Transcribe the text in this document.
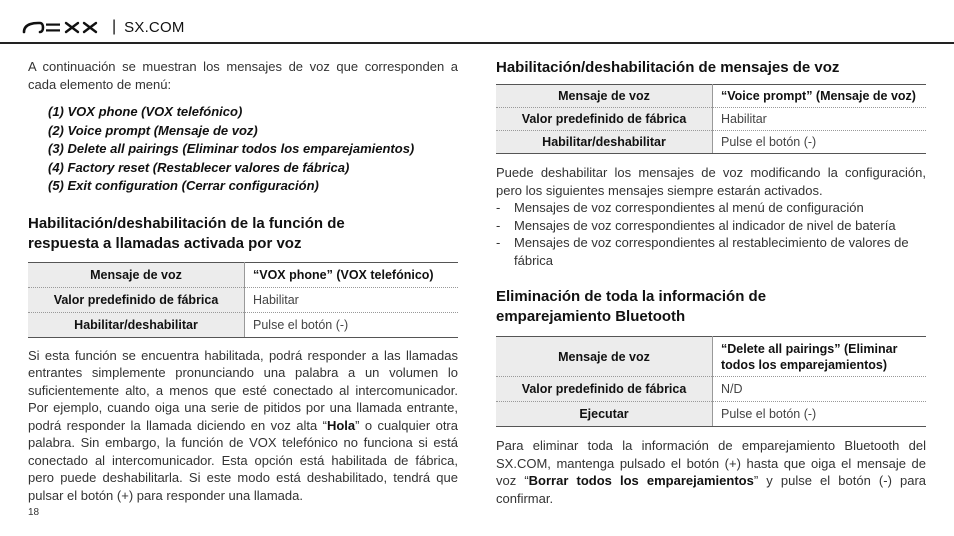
| SX.COM

A continuación se muestran los mensajes de voz que corresponden a cada elemento de menú:

(1) VOX phone (VOX telefónico)
(2) Voice prompt (Mensaje de voz)
(3) Delete all pairings (Eliminar todos los emparejamientos)
(4) Factory reset (Restablecer valores de fábrica)
(5) Exit configuration (Cerrar configuración)
Habilitación/deshabilitación de la función de
respuesta a llamadas activada por voz
Mensaje de voz	“VOX phone” (VOX telefónico)
Valor predefinido de fábrica	Habilitar
Habilitar/deshabilitar	Pulse el botón (-)

Si esta función se encuentra habilitada, podrá responder a las llamadas entrantes simplemente pronunciando una palabra a un volumen lo suficientemente alto, a menos que esté conectado al intercomunicador. Por ejemplo, cuando oiga una serie de pitidos por una llamada entrante, podrá responder la llamada diciendo en voz alta “Hola” o cualquier otra palabra. Sin embargo, la función de VOX telefónico no funciona si está conectado al intercomunicador. Esta opción está habilitada de fábrica, pero puede deshabilitarla. Si este modo está deshabilitado, tendrá que pulsar el botón (+) para responder una llamada.

Habilitación/deshabilitación de mensajes de voz
Mensaje de voz	“Voice prompt” (Mensaje de voz)
Valor predefinido de fábrica	Habilitar
Habilitar/deshabilitar	Pulse el botón (-)

Puede deshabilitar los mensajes de voz modificando la configuración, pero los siguientes mensajes siempre estarán activados.

- Mensajes de voz correspondientes al menú de configuración
- Mensajes de voz correspondientes al indicador de nivel de batería
- Mensajes de voz correspondientes al restablecimiento de valores de fábrica
Eliminación de toda la información de
emparejamiento Bluetooth
Mensaje de voz	“Delete all pairings” (Eliminar
todos los emparejamientos)
Valor predefinido de fábrica	N/D
Ejecutar	Pulse el botón (-)

Para eliminar toda la información de emparejamiento Bluetooth del SX.COM, mantenga pulsado el botón (+) hasta que oiga el mensaje de voz “Borrar todos los emparejamientos” y pulse el botón (-) para confirmar.

18
